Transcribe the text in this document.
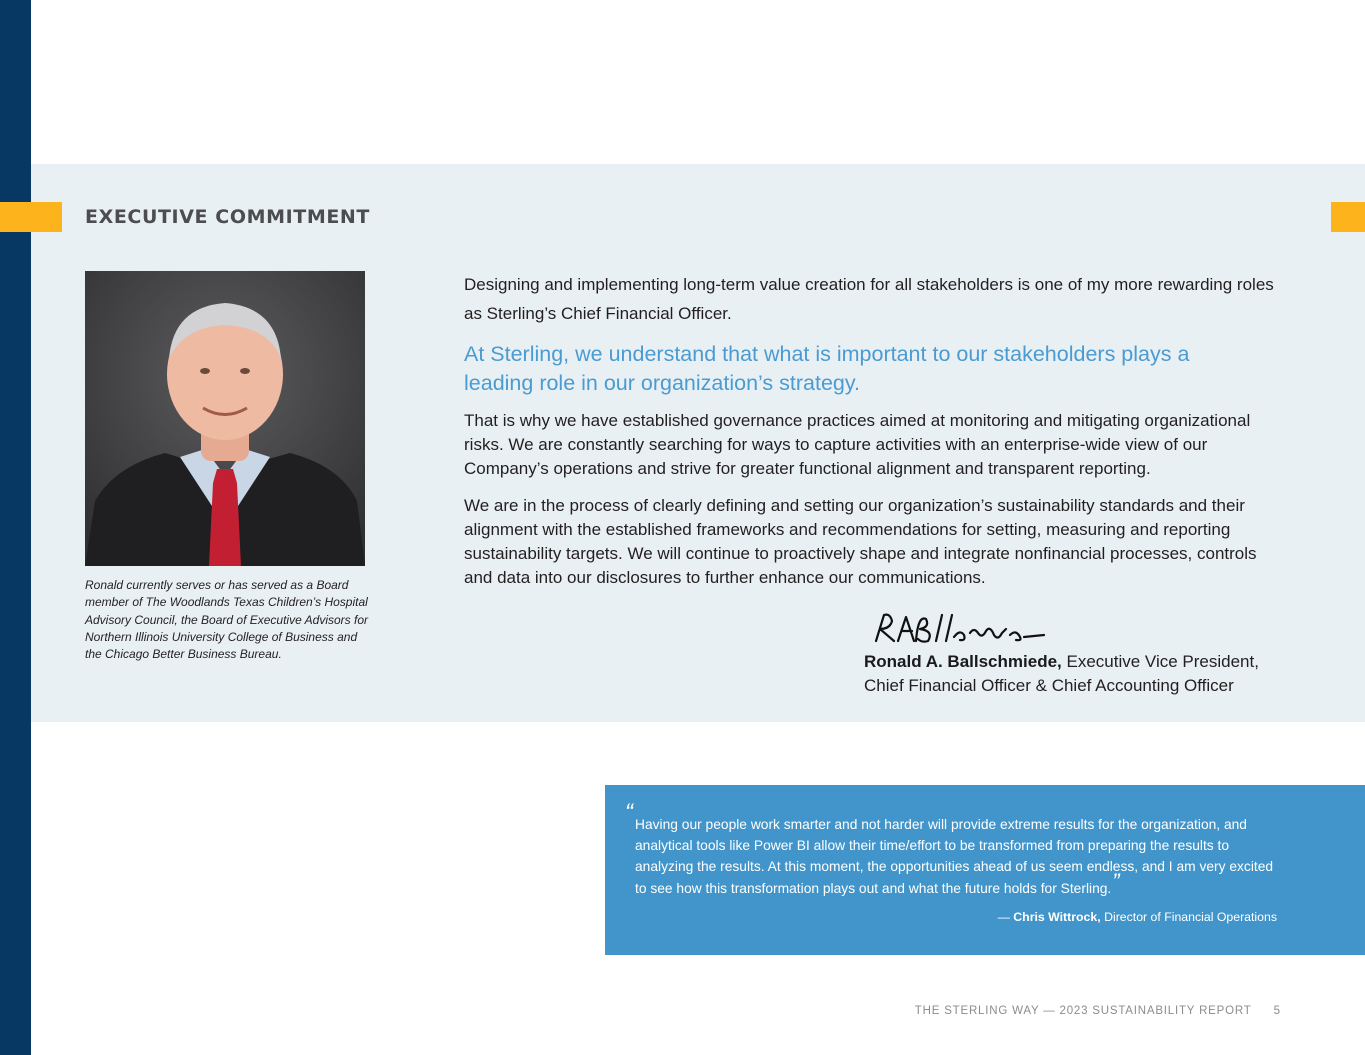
EXECUTIVE COMMITMENT

Ronald currently serves or has served as a Board member of The Woodlands Texas Children’s Hospital Advisory Council, the Board of Executive Advisors for Northern Illinois University College of Business and the Chicago Better Business Bureau.

Designing and implementing long-term value creation for all stakeholders is one of my more rewarding roles as Sterling’s Chief Financial Officer.

At Sterling, we understand that what is important to our stakeholders plays a leading role in our organization’s strategy.

That is why we have established governance practices aimed at monitoring and mitigating organizational risks. We are constantly searching for ways to capture activities with an enterprise-wide view of our Company’s operations and strive for greater functional alignment and transparent reporting.

We are in the process of clearly defining and setting our organization’s sustainability standards and their alignment with the established frameworks and recommendations for setting, measuring and reporting sustainability targets. We will continue to proactively shape and integrate nonfinancial processes, controls and data into our disclosures to further enhance our communications.

Ronald A. Ballschmiede, Executive Vice President,
Chief Financial Officer & Chief Accounting Officer
“ Having our people work smarter and not harder will provide extreme results for the organization, and analytical tools like Power BI allow their time/effort to be transformed from preparing the results to analyzing the results. At this moment, the opportunities ahead of us seem endless, and I am very excited to see how this transformation plays out and what the future holds for Sterling.”

— Chris Wittrock, Director of Financial Operations
THE STERLING WAY — 2023 SUSTAINABILITY REPORT 5
